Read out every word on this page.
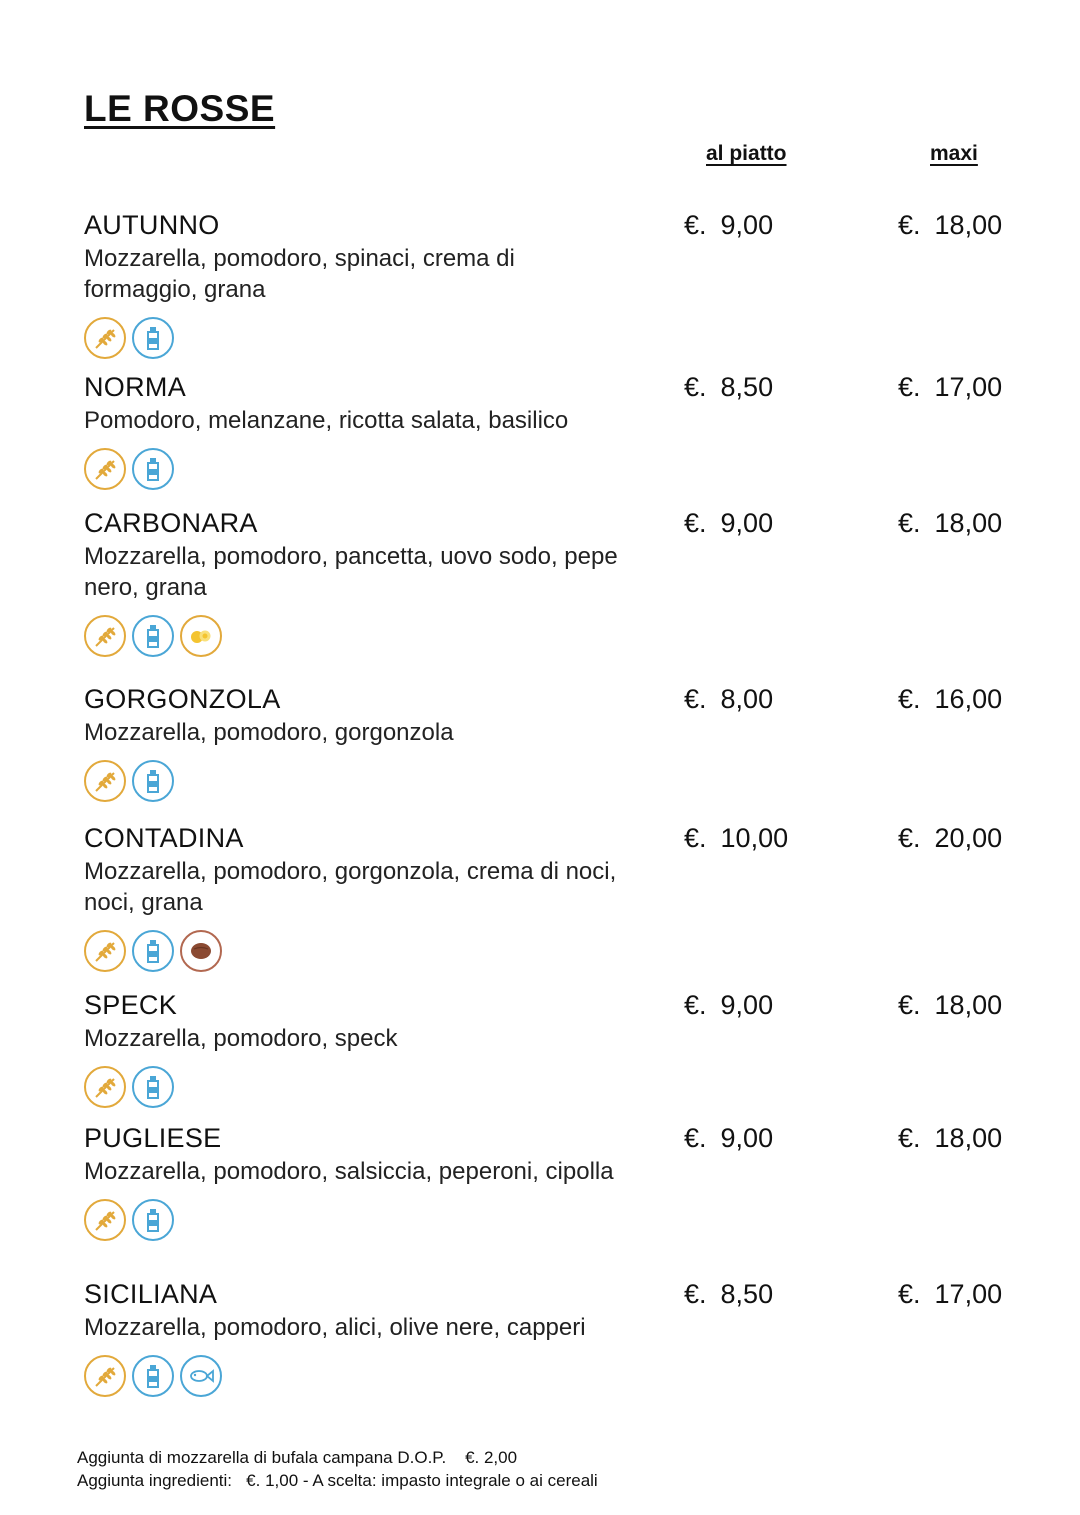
LE ROSSE
al piatto	maxi
AUTUNNO
Mozzarella, pomodoro, spinaci, crema di formaggio, grana
€. 9,00	€. 18,00
NORMA
Pomodoro, melanzane, ricotta salata, basilico
€. 8,50	€. 17,00
CARBONARA
Mozzarella, pomodoro, pancetta, uovo sodo, pepe nero, grana
€. 9,00	€. 18,00
GORGONZOLA
Mozzarella, pomodoro, gorgonzola
€. 8,00	€. 16,00
CONTADINA
Mozzarella, pomodoro, gorgonzola, crema di noci, noci, grana
€. 10,00	€. 20,00
SPECK
Mozzarella, pomodoro, speck
€. 9,00	€. 18,00
PUGLIESE
Mozzarella, pomodoro, salsiccia, peperoni, cipolla
€. 9,00	€. 18,00
SICILIANA
Mozzarella, pomodoro, alici, olive nere, capperi
€. 8,50	€. 17,00
Aggiunta di mozzarella di bufala campana D.O.P.    €. 2,00
Aggiunta ingredienti:   €. 1,00 - A scelta: impasto integrale o ai cereali
